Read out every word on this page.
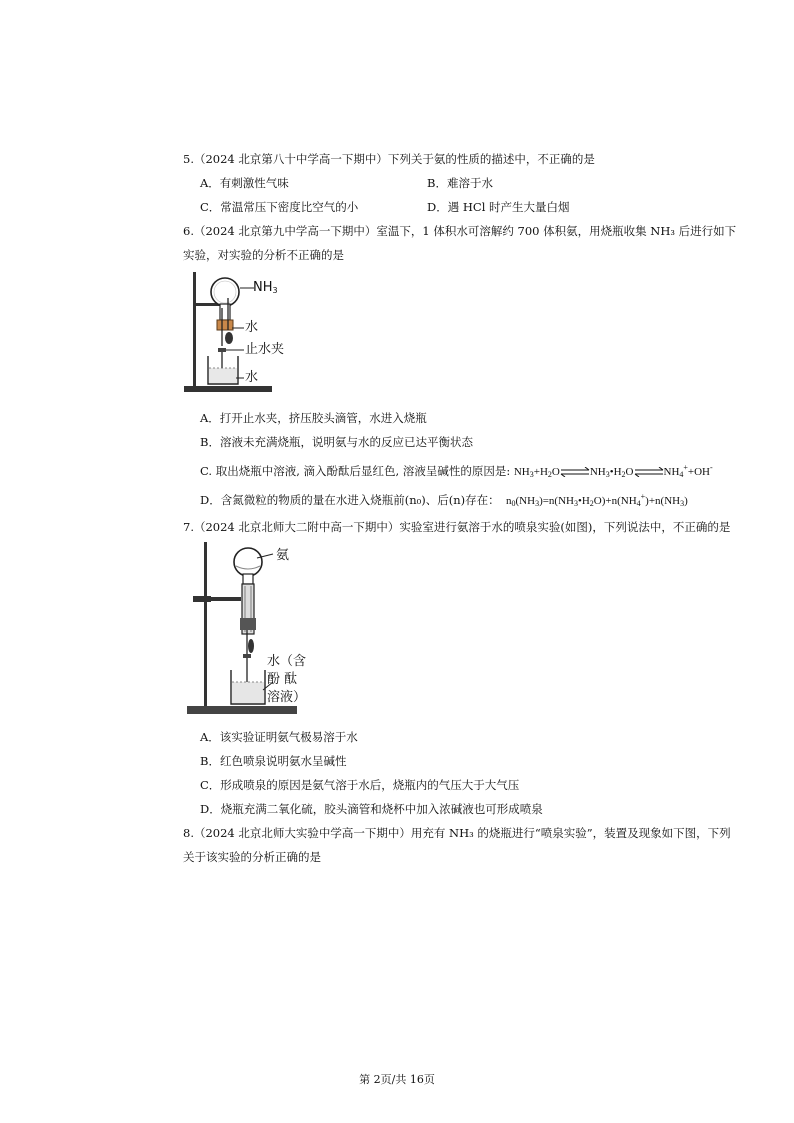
5.（2024 北京第八十中学高一下期中）下列关于氨的性质的描述中，不正确的是
A．有刺激性气味	B．难溶于水
C．常温常压下密度比空气的小	D．遇 HCl 时产生大量白烟
6.（2024 北京第九中学高一下期中）室温下，1 体积水可溶解约 700 体积氨，用烧瓶收集 NH₃ 后进行如下
实验，对实验的分析不正确的是
$NH_3$
水
止水夹
水
A．打开止水夹，挤压胶头滴管，水进入烧瓶
B．溶液未充满烧瓶，说明氨与水的反应已达平衡状态
C. 取出烧瓶中溶液, 滴入酚酞后显红色, 溶液呈碱性的原因是: $NH_3+H_2O\rightleftharpoons NH_3•H_2O\rightleftharpoons NH_4^++OH^-$
D．含氮微粒的物质的量在水进入烧瓶前(n₀)、后(n)存在：  $n_0(NH_3)=n(NH_3•H_2O)+n(NH_4^+)+n(NH_3)$
7.（2024 北京北师大二附中高一下期中）实验室进行氨溶于水的喷泉实验(如图)，下列说法中，不正确的是
氨
水（含
酚 酞
溶液）
A．该实验证明氨气极易溶于水
B．红色喷泉说明氨水呈碱性
C．形成喷泉的原因是氨气溶于水后，烧瓶内的气压大于大气压
D．烧瓶充满二氧化硫，胶头滴管和烧杯中加入浓碱液也可形成喷泉
8.（2024 北京北师大实验中学高一下期中）用充有 NH₃ 的烧瓶进行“喷泉实验”，装置及现象如下图，下列
关于该实验的分析正确的是
第 2页/共 16页
